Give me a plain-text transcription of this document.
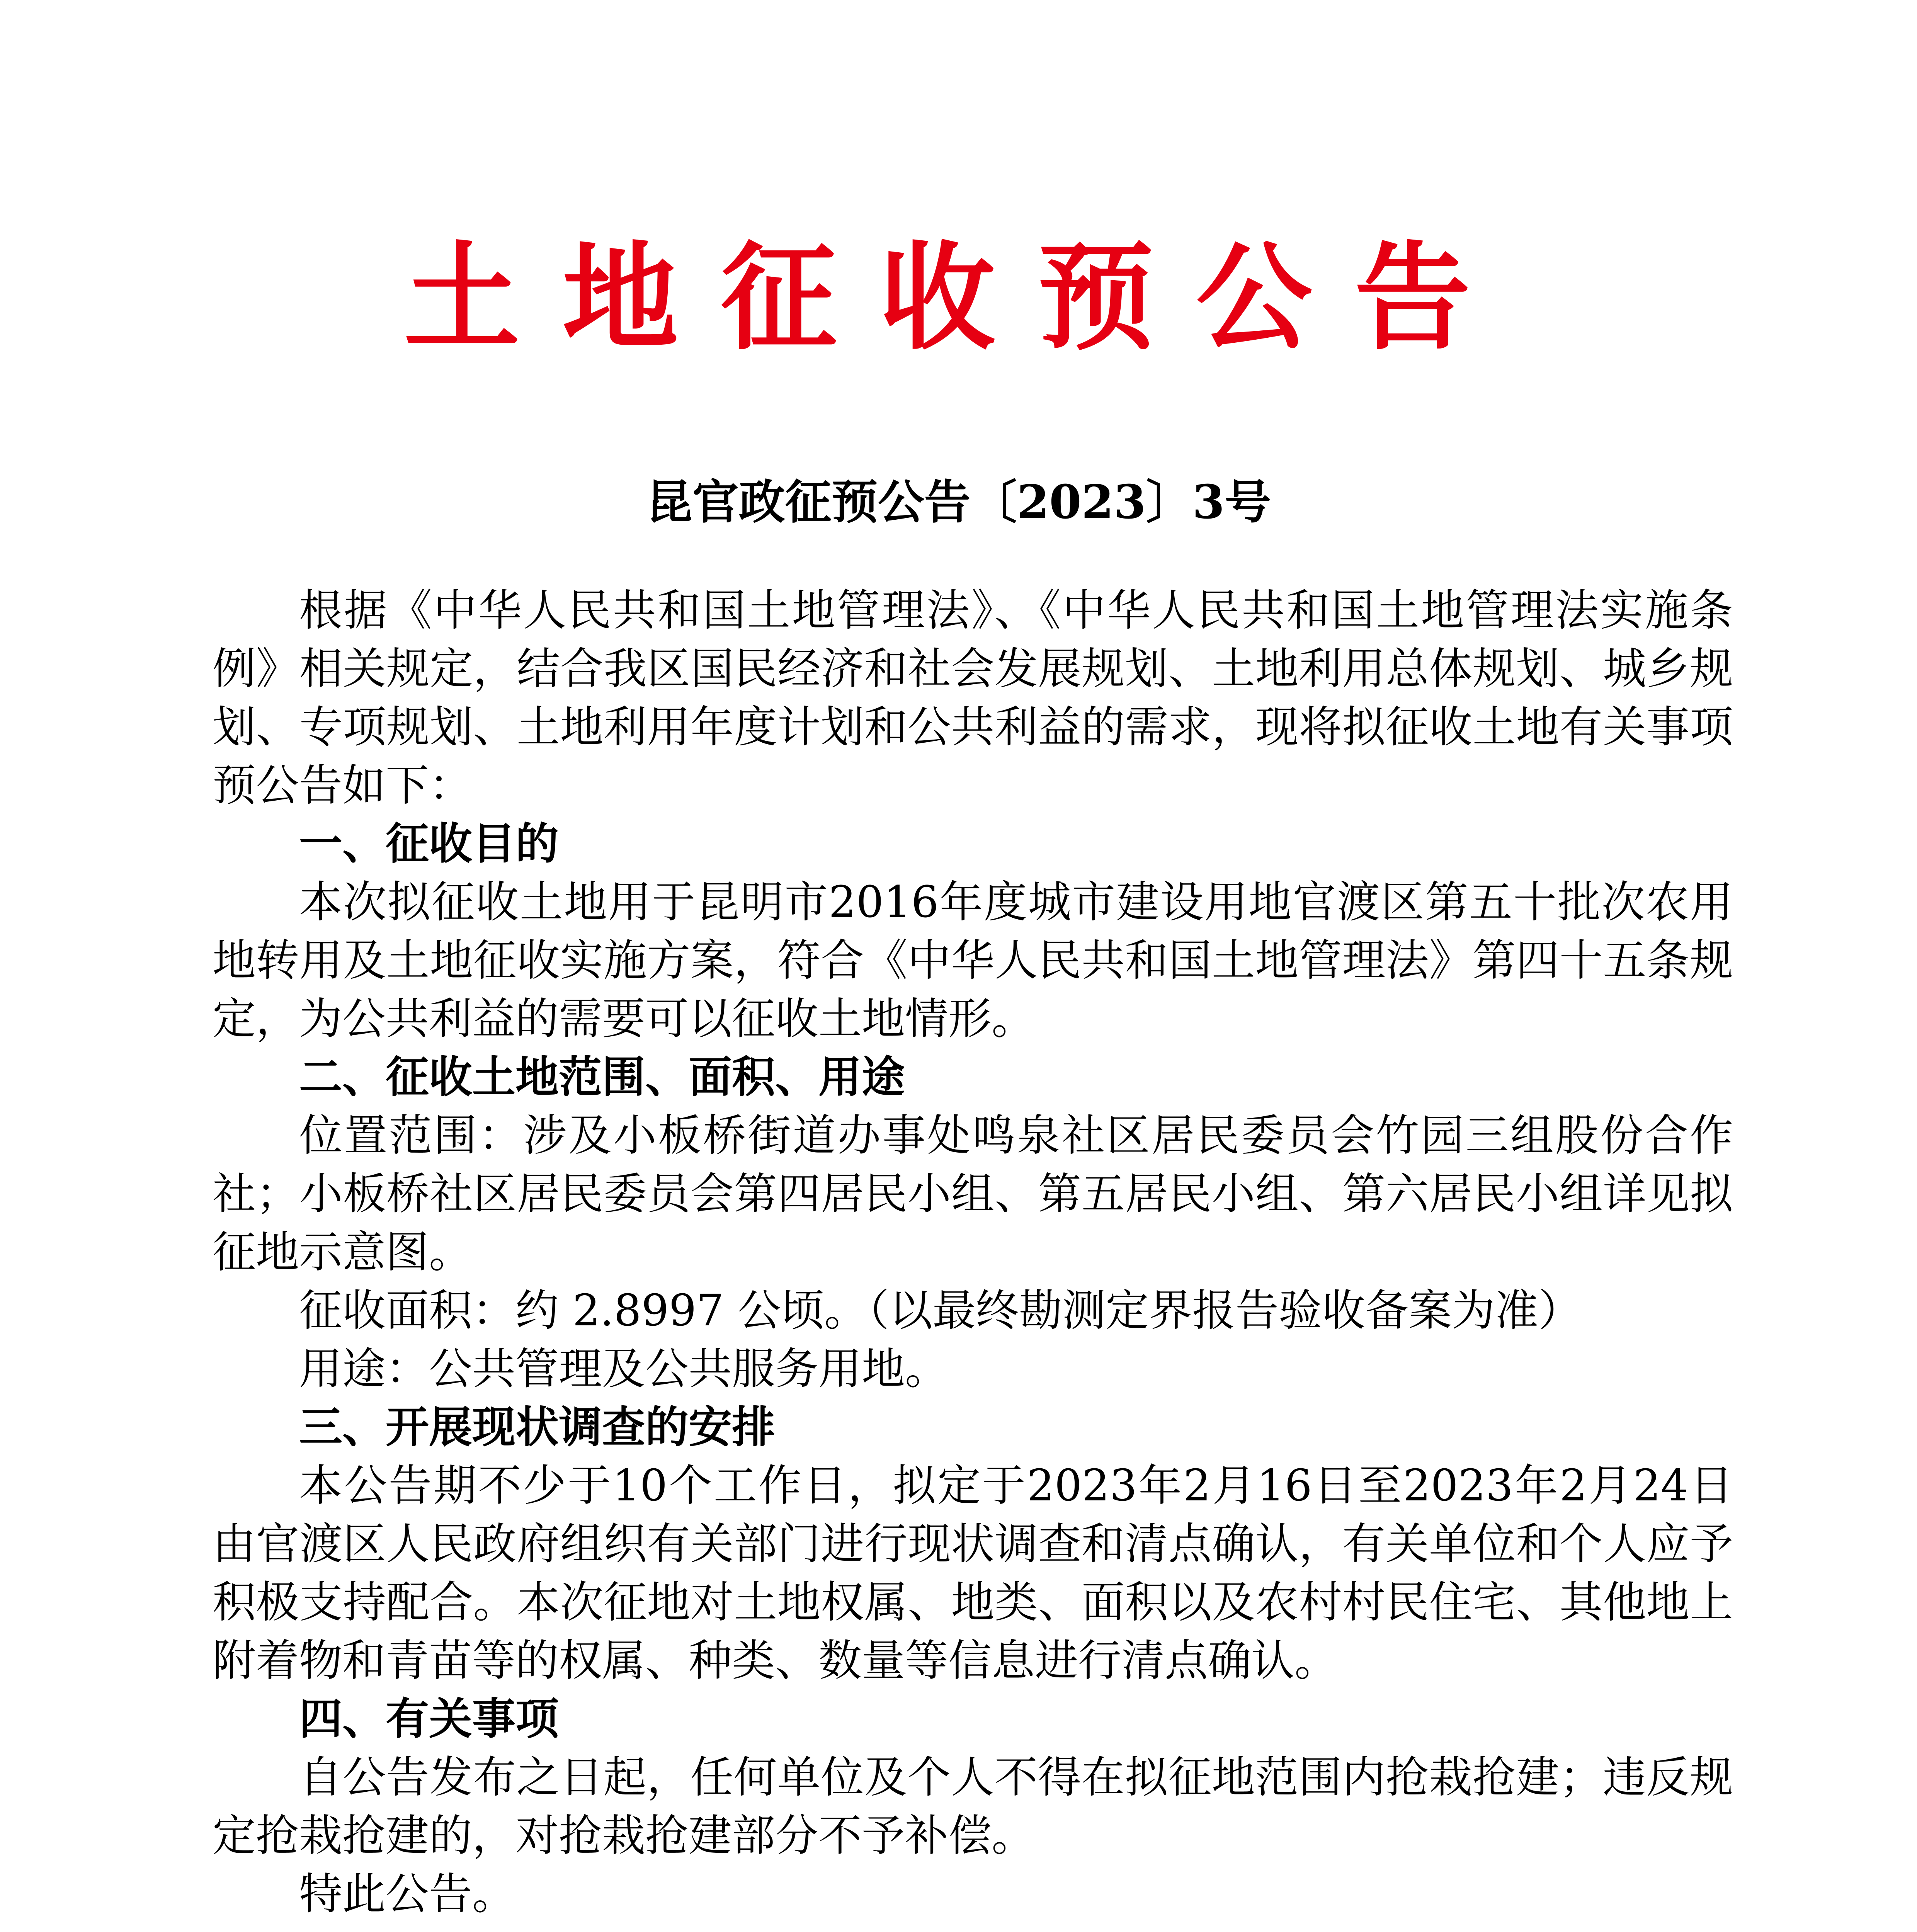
土地征收预公告
昆官政征预公告〔2023〕3号

根据《中华人民共和国土地管理法》、《中华人民共和国土地管理法实施条例》相关规定，结合我区国民经济和社会发展规划、土地利用总体规划、城乡规划、专项规划、土地利用年度计划和公共利益的需求，现将拟征收土地有关事项预公告如下：

一、征收目的

本次拟征收土地用于昆明市2016年度城市建设用地官渡区第五十批次农用地转用及土地征收实施方案，符合《中华人民共和国土地管理法》第四十五条规定，为公共利益的需要可以征收土地情形。

二、征收土地范围、面积、用途

位置范围：涉及小板桥街道办事处鸣泉社区居民委员会竹园三组股份合作社；小板桥社区居民委员会第四居民小组、第五居民小组、第六居民小组详见拟征地示意图。

征收面积：约 2.8997 公顷。（以最终勘测定界报告验收备案为准）

用途：公共管理及公共服务用地。

三、开展现状调查的安排

本公告期不少于10个工作日，拟定于2023年2月16日至2023年2月24日由官渡区人民政府组织有关部门进行现状调查和清点确认，有关单位和个人应予积极支持配合。本次征地对土地权属、地类、面积以及农村村民住宅、其他地上附着物和青苗等的权属、种类、数量等信息进行清点确认。

四、有关事项

自公告发布之日起，任何单位及个人不得在拟征地范围内抢栽抢建；违反规定抢栽抢建的，对抢栽抢建部分不予补偿。

特此公告。
